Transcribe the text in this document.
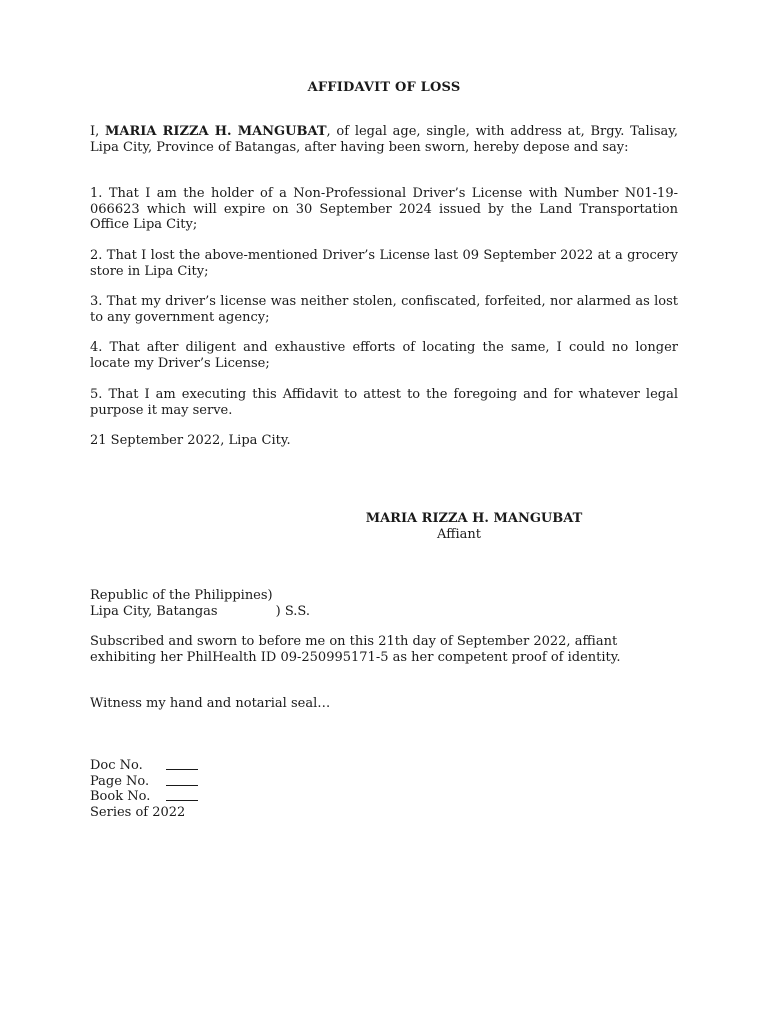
AFFIDAVIT OF LOSS

I, MARIA RIZZA H. MANGUBAT, of legal age, single, with address at, Brgy. Talisay, Lipa City, Province of Batangas, after having been sworn, hereby depose and say:

1. That I am the holder of a Non-Professional Driver’s License with Number N01-19-066623 which will expire on 30 September 2024 issued by the Land Transportation Office Lipa City;

2. That I lost the above-mentioned Driver’s License last 09 September 2022 at a grocery store in Lipa City;

3. That my driver’s license was neither stolen, confiscated, forfeited, nor alarmed as lost to any government agency;

4. That after diligent and exhaustive efforts of locating the same, I could no longer locate my Driver’s License;

5. That I am executing this Affidavit to attest to the foregoing and for whatever legal purpose it may serve.

21 September 2022, Lipa City.

MARIA RIZZA H. MANGUBAT
Affiant
Republic of the Philippines)
Lipa City, Batangas	) S.S.

Subscribed and sworn to before me on this 21th day of September 2022, affiant exhibiting her PhilHealth ID 09-250995171-5 as her competent proof of identity.

Witness my hand and notarial seal…

Doc No.
Page No.
Book No.
Series of 2022
